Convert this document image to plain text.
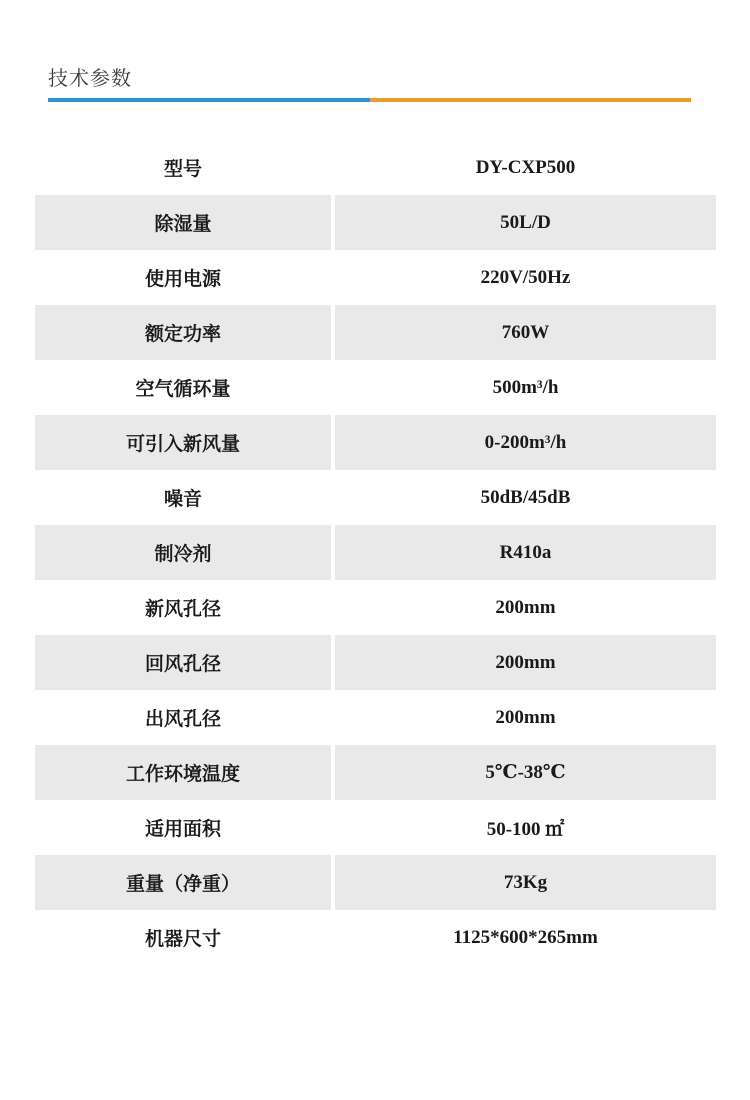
技术参数
型号	DY-CXP500
除湿量	50L/D
使用电源	220V/50Hz
额定功率	760W
空气循环量	500m³/h
可引入新风量	0-200m³/h
噪音	50dB/45dB
制冷剂	R410a
新风孔径	200mm
回风孔径	200mm
出风孔径	200mm
工作环境温度	5℃-38℃
适用面积	50-100 ㎡
重量（净重）	73Kg
机器尺寸	1125*600*265mm
